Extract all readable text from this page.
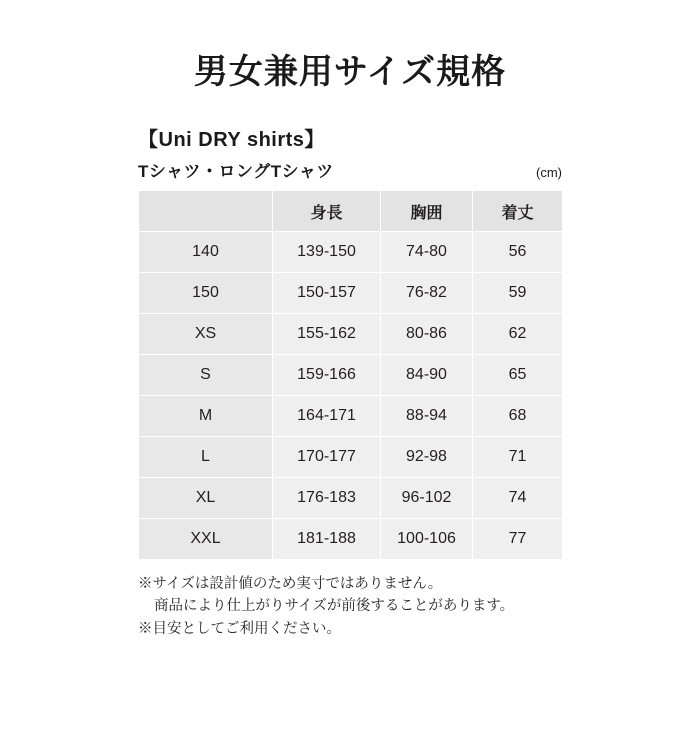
男女兼用サイズ規格
【Uni DRY shirts】
Tシャツ・ロングTシャツ	(cm)
	身長	胸囲	着丈
140	139-150	74-80	56
150	150-157	76-82	59
XS	155-162	80-86	62
S	159-166	84-90	65
M	164-171	88-94	68
L	170-177	92-98	71
XL	176-183	96-102	74
XXL	181-188	100-106	77
※サイズは設計値のため実寸ではありません。
商品により仕上がりサイズが前後することがあります。
※目安としてご利用ください。
